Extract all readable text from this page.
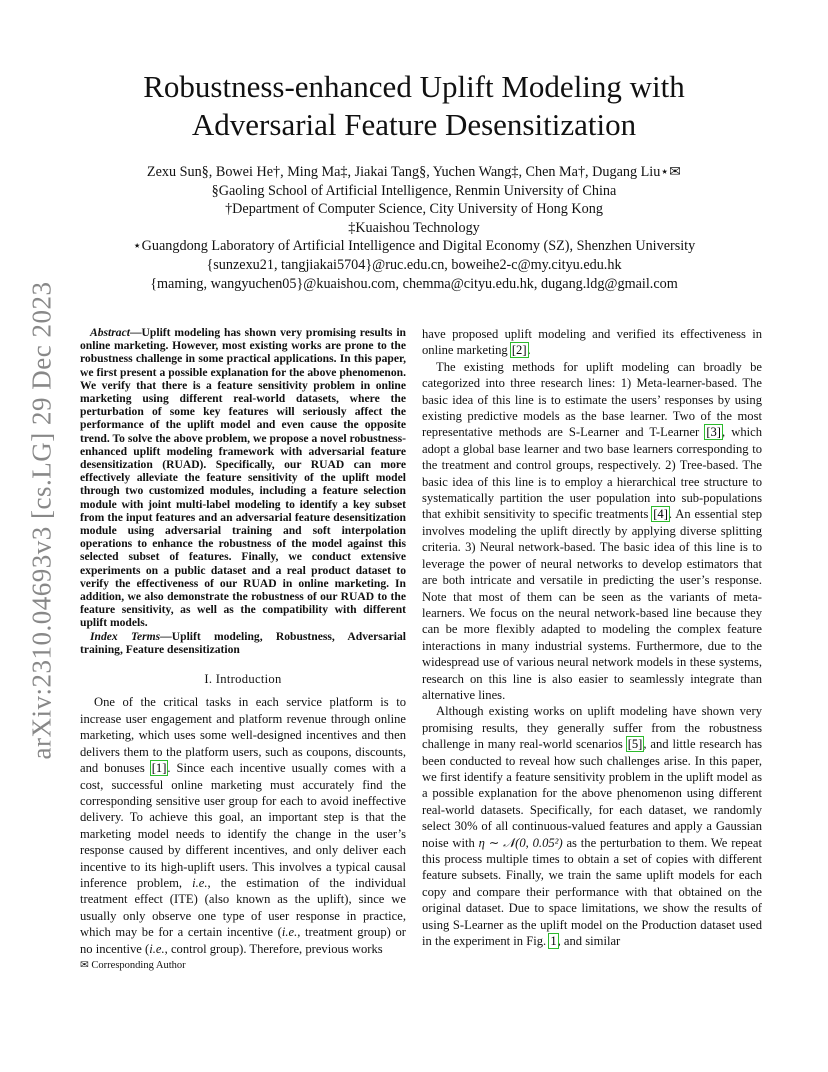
arXiv:2310.04693v3 [cs.LG] 29 Dec 2023
Robustness-enhanced Uplift Modeling with
Adversarial Feature Desensitization
Zexu Sun§, Bowei He†, Ming Ma‡, Jiakai Tang§, Yuchen Wang‡, Chen Ma†, Dugang Liu⋆✉
§Gaoling School of Artificial Intelligence, Renmin University of China
†Department of Computer Science, City University of Hong Kong
‡Kuaishou Technology
⋆Guangdong Laboratory of Artificial Intelligence and Digital Economy (SZ), Shenzhen University
{sunzexu21, tangjiakai5704}@ruc.edu.cn, boweihe2-c@my.cityu.edu.hk
{maming, wangyuchen05}@kuaishou.com, chemma@cityu.edu.hk, dugang.ldg@gmail.com

Abstract—Uplift modeling has shown very promising results in online marketing. However, most existing works are prone to the robustness challenge in some practical applications. In this paper, we first present a possible explanation for the above phenomenon. We verify that there is a feature sensitivity problem in online marketing using different real-world datasets, where the perturbation of some key features will seriously affect the performance of the uplift model and even cause the opposite trend. To solve the above problem, we propose a novel robustness-enhanced uplift modeling framework with adversarial feature desensitization (RUAD). Specifically, our RUAD can more effectively alleviate the feature sensitivity of the uplift model through two customized modules, including a feature selection module with joint multi-label modeling to identify a key subset from the input features and an adversarial feature desensitization module using adversarial training and soft interpolation operations to enhance the robustness of the model against this selected subset of features. Finally, we conduct extensive experiments on a public dataset and a real product dataset to verify the effectiveness of our RUAD in online marketing. In addition, we also demonstrate the robustness of our RUAD to the feature sensitivity, as well as the compatibility with different uplift models.

Index Terms—Uplift modeling, Robustness, Adversarial training, Feature desensitization

I. Introduction

One of the critical tasks in each service platform is to increase user engagement and platform revenue through online marketing, which uses some well-designed incentives and then delivers them to the platform users, such as coupons, discounts, and bonuses [1]. Since each incentive usually comes with a cost, successful online marketing must accurately find the corresponding sensitive user group for each to avoid ineffective delivery. To achieve this goal, an important step is that the marketing model needs to identify the change in the user’s response caused by different incentives, and only deliver each incentive to its high-uplift users. This involves a typical causal inference problem, i.e., the estimation of the individual treatment effect (ITE) (also known as the uplift), since we usually only observe one type of user response in practice, which may be for a certain incentive (i.e., treatment group) or no incentive (i.e., control group). Therefore, previous works

have proposed uplift modeling and verified its effectiveness in online marketing [2].

The existing methods for uplift modeling can broadly be categorized into three research lines: 1) Meta-learner-based. The basic idea of this line is to estimate the users’ responses by using existing predictive models as the base learner. Two of the most representative methods are S-Learner and T-Learner [3], which adopt a global base learner and two base learners corresponding to the treatment and control groups, respectively. 2) Tree-based. The basic idea of this line is to employ a hierarchical tree structure to systematically partition the user population into sub-populations that exhibit sensitivity to specific treatments [4]. An essential step involves modeling the uplift directly by applying diverse splitting criteria. 3) Neural network-based. The basic idea of this line is to leverage the power of neural networks to develop estimators that are both intricate and versatile in predicting the user’s response. Note that most of them can be seen as the variants of meta-learners. We focus on the neural network-based line because they can be more flexibly adapted to modeling the complex feature interactions in many industrial systems. Furthermore, due to the widespread use of various neural network models in these systems, research on this line is also easier to seamlessly integrate than alternative lines.

Although existing works on uplift modeling have shown very promising results, they generally suffer from the robustness challenge in many real-world scenarios [5], and little research has been conducted to reveal how such challenges arise. In this paper, we first identify a feature sensitivity problem in the uplift model as a possible explanation for the above phenomenon using different real-world datasets. Specifically, for each dataset, we randomly select 30% of all continuous-valued features and apply a Gaussian noise with η ∼ 𝒩(0, 0.05²) as the perturbation to them. We repeat this process multiple times to obtain a set of copies with different feature subsets. Finally, we train the same uplift models for each copy and compare their performance with that obtained on the original dataset. Due to space limitations, we show the results of using S-Learner as the uplift model on the Production dataset used in the experiment in Fig. 1, and similar

✉ Corresponding Author
